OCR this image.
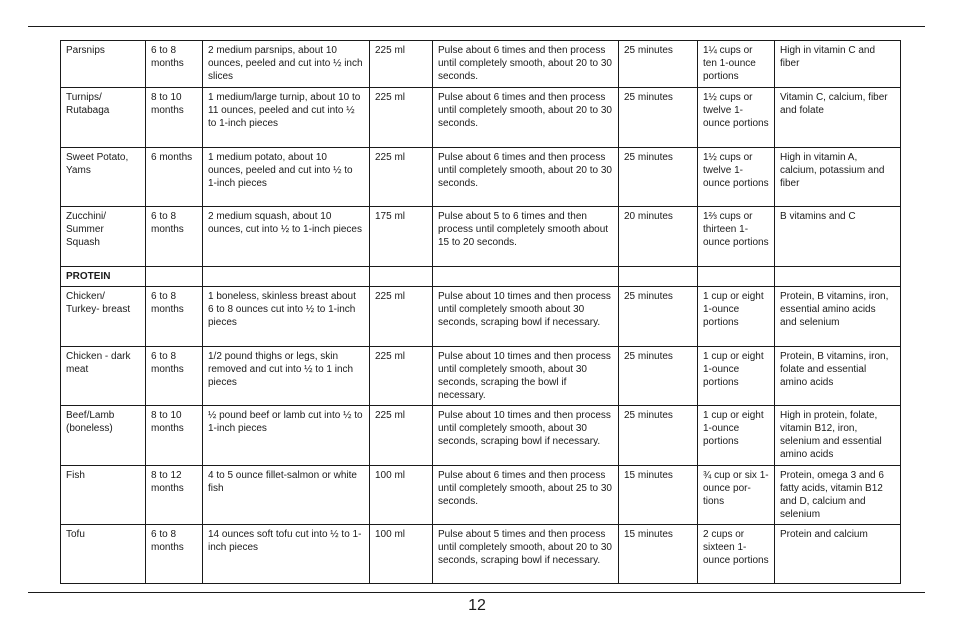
Parsnips	6 to 8 months	2 medium parsnips, about 10 ounces, peeled and cut into ½ inch slices	225 ml	Pulse about 6 times and then process until completely smooth, about 20 to 30 seconds.	25 minutes	1¼ cups or ten 1-ounce portions	High in vitamin C and fiber
Turnips/ Rutabaga	8 to 10 months	1 medium/large turnip, about 10 to 11 ounces, peeled and cut into ½ to 1-inch pieces	225 ml	Pulse about 6 times and then process until completely smooth, about 20 to 30 seconds.	25 minutes	1½ cups or twelve 1-ounce portions	Vitamin C, calcium, fiber and folate
Sweet Potato, Yams	6 months	1 medium potato, about 10 ounces, peeled and cut into ½ to 1-inch pieces	225 ml	Pulse about 6 times and then process until completely smooth, about 20 to 30 seconds.	25 minutes	1½ cups or twelve 1-ounce portions	High in vitamin A, calcium, potassium and fiber
Zucchini/ Summer Squash	6 to 8 months	2 medium squash, about 10 ounces, cut into ½ to 1-inch pieces	175 ml	Pulse about 5 to 6 times and then process until completely smooth about 15 to 20 seconds.	20 minutes	1⅔ cups or thirteen 1-ounce portions	B vitamins and C
PROTEIN							
Chicken/ Turkey- breast	6 to 8 months	1 boneless, skinless breast about 6 to 8 ounces cut into ½ to 1-inch pieces	225 ml	Pulse about 10 times and then process until completely smooth about 30 seconds, scraping bowl if necessary.	25 minutes	1 cup or eight 1-ounce portions	Protein, B vitamins, iron, essential amino acids and selenium
Chicken - dark meat	6 to 8 months	1/2 pound thighs or legs, skin removed and cut into ½ to 1 inch pieces	225 ml	Pulse about 10 times and then process until completely smooth, about 30 seconds, scraping the bowl if necessary.	25 minutes	1 cup or eight 1-ounce portions	Protein, B vitamins, iron, folate and essential amino acids
Beef/Lamb (boneless)	8 to 10 months	½ pound beef or lamb cut into ½ to 1-inch pieces	225 ml	Pulse about 10 times and then process until completely smooth, about 30 seconds, scraping bowl if necessary.	25 minutes	1 cup or eight 1-ounce portions	High in protein, folate, vitamin B12, iron, selenium and essential amino acids
Fish	8 to 12 months	4 to 5 ounce fillet-salmon or white fish	100 ml	Pulse about 6 times and then process until completely smooth, about 25 to 30 seconds.	15 minutes	¾ cup or six 1-ounce por- tions	Protein, omega 3 and 6 fatty acids, vitamin B12 and D, calcium and selenium
Tofu	6 to 8 months	14 ounces soft tofu cut into ½ to 1-inch pieces	100 ml	Pulse about 5 times and then process until completely smooth, about 20 to 30 seconds, scraping bowl if necessary.	15 minutes	2 cups or sixteen 1-ounce portions	Protein and calcium
12
